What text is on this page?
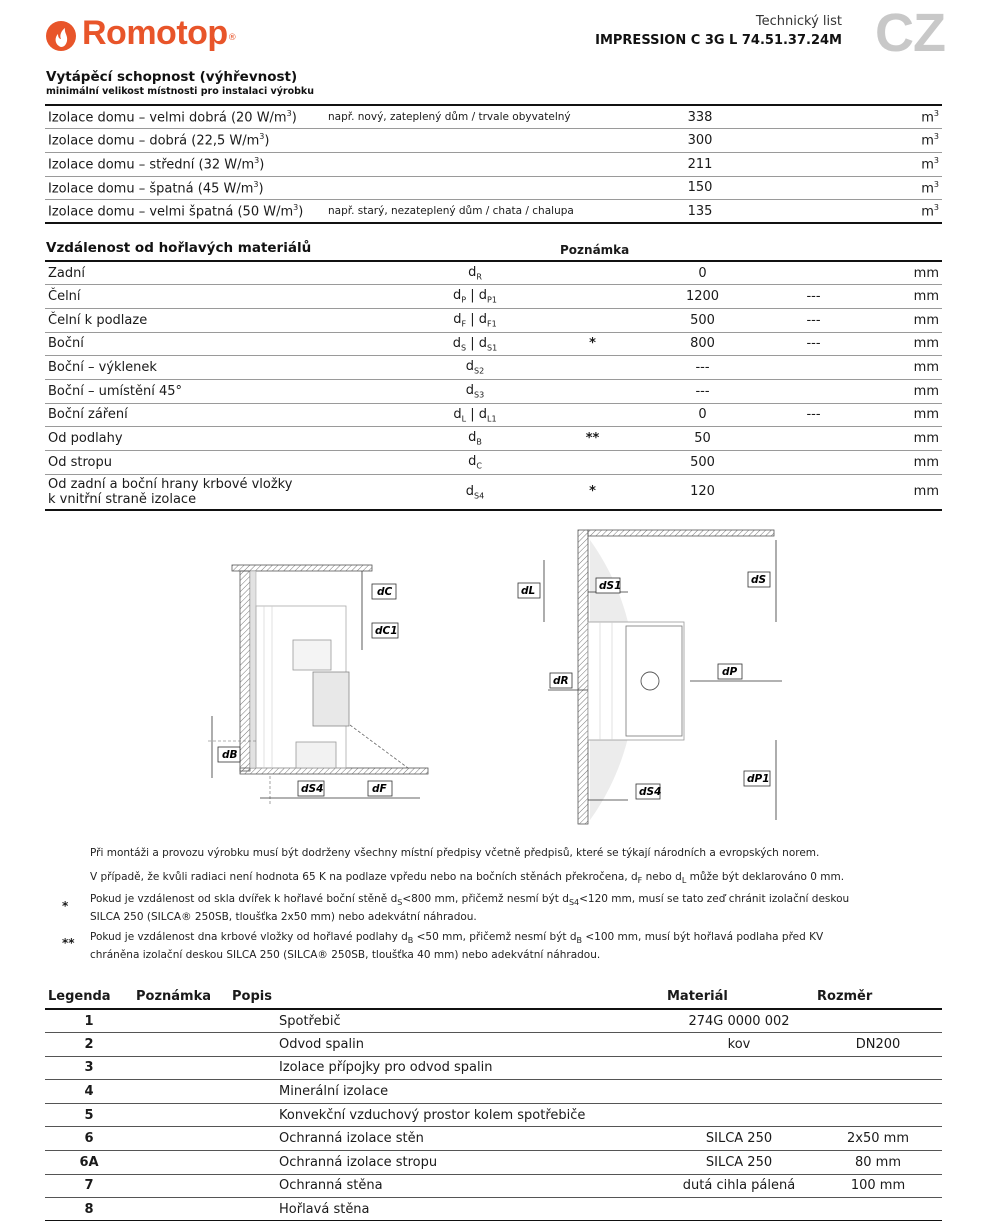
Romotop ®
Technický list
IMPRESSION C 3G L 74.51.37.24M CZ
Vytápěcí schopnost (výhřevnost)
minimální velikost místnosti pro instalaci výrobku
Izolace domu – velmi dobrá (20 $W/m^3$)	např. nový, zateplený dům / trvale obyvatelný	338	$m^3$
Izolace domu – dobrá (22,5 $W/m^3$)		300	$m^3$
Izolace domu – střední (32 $W/m^3$)		211	$m^3$
Izolace domu – špatná (45 $W/m^3$)		150	$m^3$
Izolace domu – velmi špatná (50 $W/m^3$)	např. starý, nezateplený dům / chata / chalupa	135	$m^3$
Vzdálenost od hořlavých materiálů	Poznámka
Zadní	$d_R$		0		mm
Čelní	$d_P$ | $d_{P1}$		1200	---	mm
Čelní k podlaze	$d_F$ | $d_{F1}$		500	---	mm
Boční	$d_S$ | $d_{S1}$	*	800	---	mm
Boční – výklenek	$d_{S2}$		---		mm
Boční – umístění 45°	$d_{S3}$		---		mm
Boční záření	$d_L$ | $d_{L1}$		0	---	mm
Od podlahy	$d_B$	**	50		mm
Od stropu	$d_C$		500		mm

Od zadní a boční hrany krbové vložky
k vnitřní straně izolace	$d_{S4}$	*	120		mm
dC
dC1
dB
dS4	dF
dL	dS1	dS
dR
dP
dP1
dS4
Při montáži a provozu výrobku musí být dodrženy všechny místní předpisy včetně předpisů, které se týkají národních a evropských norem.
V případě, že kvůli radiaci není hodnota 65 K na podlaze vpředu nebo na bočních stěnách překročena, $d_F$ nebo $d_L$ může být deklarováno 0 mm.
* Pokud je vzdálenost od skla dvířek k hořlavé boční stěně $d_S<800$ mm, přičemž nesmí být $d_{S4}<120$ mm, musí se tato zeď chránit izolační deskou
SILCA 250 (SILCA® 250SB, tloušťka 2x50 mm) nebo adekvátní náhradou.
** Pokud je vzdálenost dna krbové vložky od hořlavé podlahy $d_B <50$ mm, přičemž nesmí být $d_B <100$ mm, musí být hořlavá podlaha před KV
chráněna izolační deskou SILCA 250 (SILCA® 250SB, tloušťka 40 mm) nebo adekvátní náhradou.
Legenda	Poznámka	Popis	Materiál	Rozměr
1		Spotřebič	274G 0000 002	
2		Odvod spalin	kov	DN200
3		Izolace přípojky pro odvod spalin		
4		Minerální izolace		
5		Konvekční vzduchový prostor kolem spotřebiče		
6		Ochranná izolace stěn	SILCA 250	2x50 mm
6A		Ochranná izolace stropu	SILCA 250	80 mm
7		Ochranná stěna	dutá cihla pálená	100 mm
8		Hořlavá stěna		
